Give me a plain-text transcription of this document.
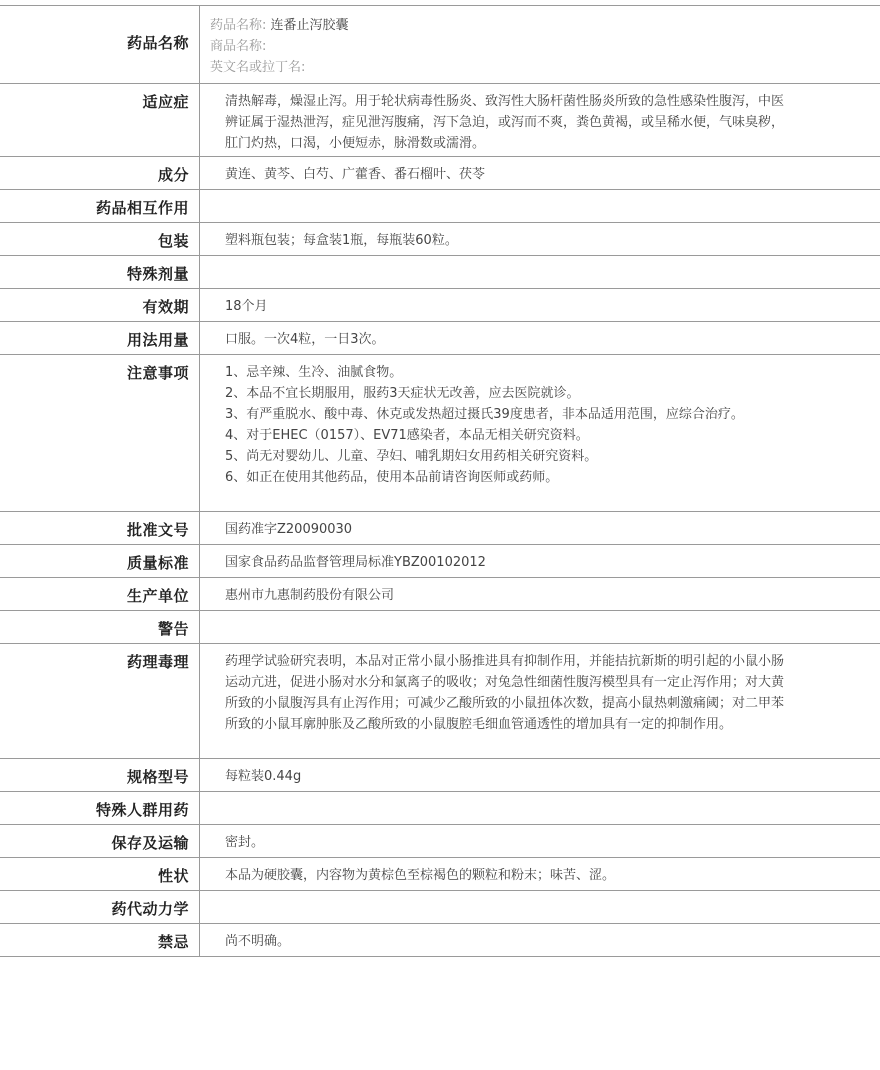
药品名称
药品名称: 连番止泻胶囊
商品名称:
英文名或拉丁名:
适应症	清热解毒，燥湿止泻。用于轮状病毒性肠炎、致泻性大肠杆菌性肠炎所致的急性感染性腹泻，中医辨证属于湿热泄泻，症见泄泻腹痛，泻下急迫，或泻而不爽，粪色黄褐，或呈稀水便，气味臭秽，肛门灼热，口渴，小便短赤，脉滑数或濡滑。
成分	黄连、黄芩、白芍、广藿香、番石榴叶、茯苓
药品相互作用
包装	塑料瓶包装；每盒装1瓶，每瓶装60粒。
特殊剂量
有效期	18个月
用法用量	口服。一次4粒，一日3次。
注意事项	1、忌辛辣、生冷、油腻食物。
2、本品不宜长期服用，服药3天症状无改善，应去医院就诊。
3、有严重脱水、酸中毒、休克或发热超过摄氏39度患者，非本品适用范围，应综合治疗。
4、对于EHEC（0157）、EV71感染者，本品无相关研究资料。
5、尚无对婴幼儿、儿童、孕妇、哺乳期妇女用药相关研究资料。
6、如正在使用其他药品，使用本品前请咨询医师或药师。
批准文号	国药准字Z20090030
质量标准	国家食品药品监督管理局标准YBZ00102012
生产单位	惠州市九惠制药股份有限公司
警告
药理毒理	药理学试验研究表明，本品对正常小鼠小肠推进具有抑制作用，并能拮抗新斯的明引起的小鼠小肠运动亢进，促进小肠对水分和氯离子的吸收；对兔急性细菌性腹泻模型具有一定止泻作用；对大黄所致的小鼠腹泻具有止泻作用；可减少乙酸所致的小鼠扭体次数，提高小鼠热刺激痛阈；对二甲苯所致的小鼠耳廓肿胀及乙酸所致的小鼠腹腔毛细血管通透性的增加具有一定的抑制作用。
规格型号	每粒装0.44g
特殊人群用药
保存及运输	密封。
性状	本品为硬胶囊，内容物为黄棕色至棕褐色的颗粒和粉末；味苦、涩。
药代动力学
禁忌	尚不明确。
